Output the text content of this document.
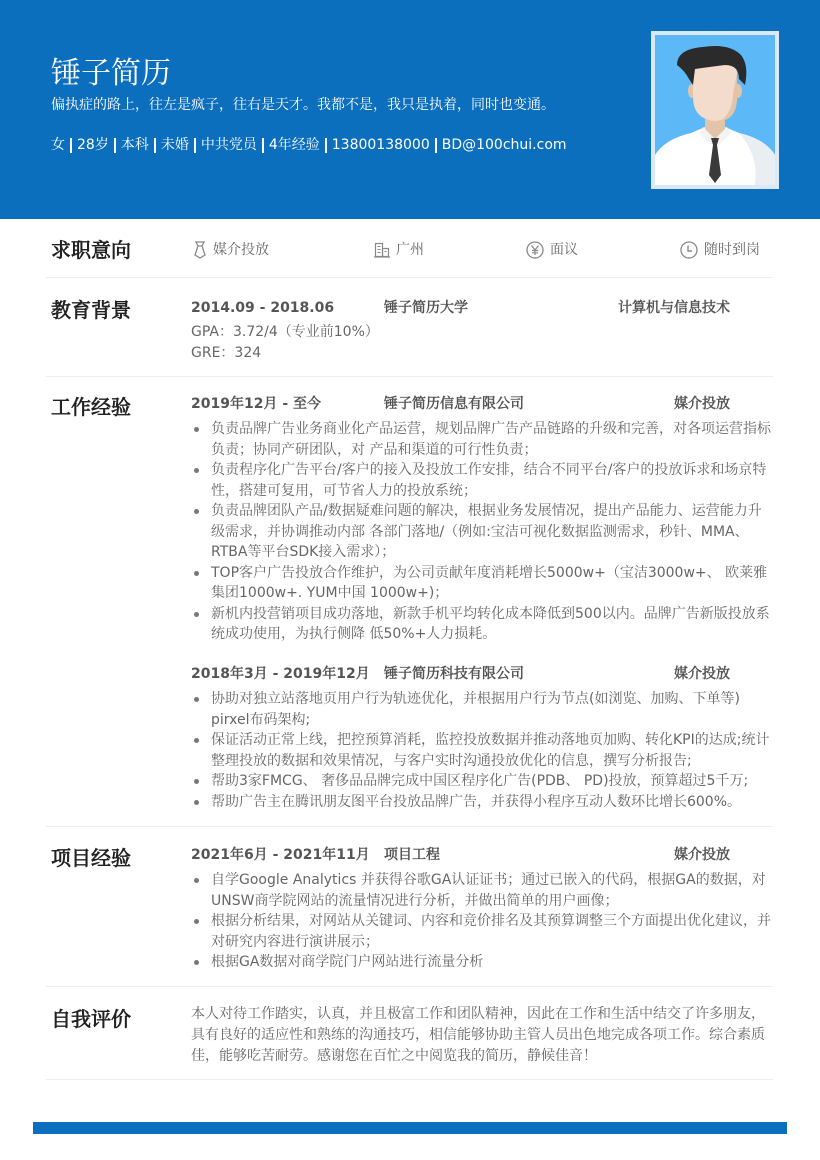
锤子简历
偏执症的路上，往左是疯子，往右是天才。我都不是，我只是执着，同时也变通。
女 28岁 本科 未婚 中共党员 4年经验 13800138000 BD@100chui.com
求职意向	媒介投放	广州	面议	随时到岗
教育背景	2014.09 - 2018.06	锤子简历大学	计算机与信息技术
GPA：3.72/4（专业前10%）
GRE：324
工作经验	2019年12月 - 至今	锤子简历信息有限公司	媒介投放
负责品牌广告业务商业化产品运营，规划品牌广告产品链路的升级和完善，对各项运营指标负责；协同产研团队，对 产品和渠道的可行性负责；
负责程序化广告平台/客户的接入及投放工作安排，结合不同平台/客户的投放诉求和场京特性，搭建可复用，可节省人力的投放系统；
负责品牌团队产品/数据疑难问题的解决，根据业务发展情况，提出产品能力、运营能力升级需求，并协调推动内部 各部门落地/（例如:宝洁可视化数据监测需求，秒针、MMA、RTBA等平台SDK接入需求）；
TOP客户广告投放合作维护，为公司贡献年度消耗增长5000w+（宝洁3000w+、 欧莱雅集团1000w+. YUM中国 1000w+)；
新机内投营销项目成功落地，新款手机平均转化成本降低到500以内。品牌广告新版投放系统成功使用，为执行侧降 低50%+人力损耗。
2018年3月 - 2019年12月 锤子简历科技有限公司	媒介投放
协助对独立站落地页用户行为轨迹优化，并根据用户行为节点(如浏览、加购、下单等) pirxel布码架构;
保证活动正常上线，把控预算消耗，监控投放数据并推动落地页加购、转化KPI的达成;统计整理投放的数据和效果情况，与客户实时沟通投放优化的信息，撰写分析报告;
帮助3家FMCG、 奢侈品品牌完成中国区程序化广告(PDB、 PD)投放，预算超过5千万;
帮助广告主在腾讯朋友图平台投放品牌广告，并获得小程序互动人数环比增长600%。
项目经验	2021年6月 - 2021年11月 项目工程	媒介投放
自学Google Analytics 并获得谷歌GA认证证书；通过已嵌入的代码，根据GA的数据，对UNSW商学院网站的流量情况进行分析，并做出简单的用户画像；
根据分析结果，对网站从关键词、内容和竞价排名及其预算调整三个方面提出优化建议，并对研究内容进行演讲展示；
根据GA数据对商学院门户网站进行流量分析
自我评价	本人对待工作踏实，认真，并且极富工作和团队精神，因此在工作和生活中结交了许多朋友，具有良好的适应性和熟练的沟通技巧，相信能够协助主管人员出色地完成各项工作。综合素质佳，能够吃苦耐劳。感谢您在百忙之中阅览我的简历，静候佳音！
